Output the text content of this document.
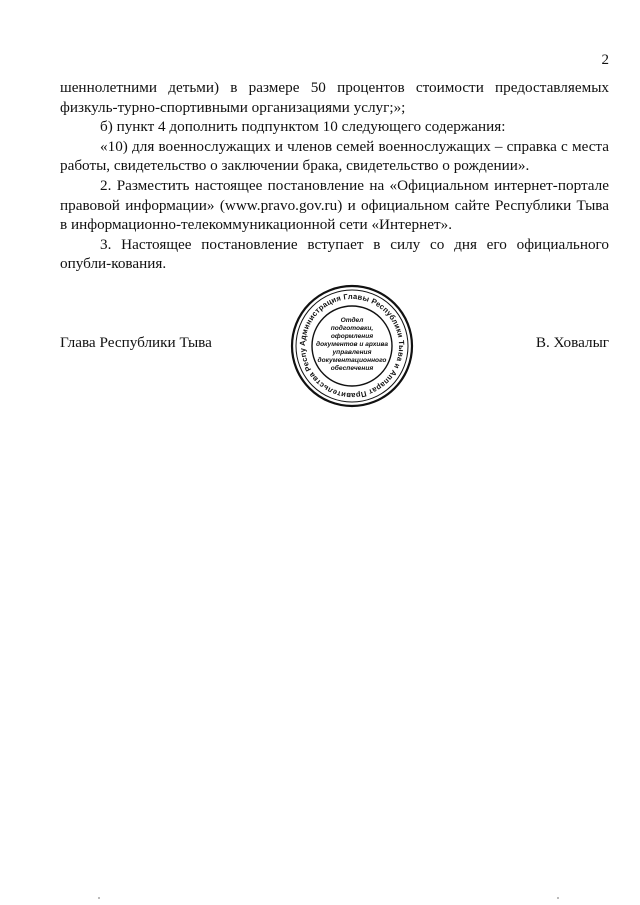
2

шеннолетними детьми) в размере 50 процентов стоимости предоставляемых физкуль-турно-спортивными организациями услуг;»;

б) пункт 4 дополнить подпунктом 10 следующего содержания:

«10) для военнослужащих и членов семей военнослужащих – справка с места работы, свидетельство о заключении брака, свидетельство о рождении».

2. Разместить настоящее постановление на «Официальном интернет-портале правовой информации» (www.pravo.gov.ru) и официальном сайте Республики Тыва в информационно-телекоммуникационной сети «Интернет».

3. Настоящее постановление вступает в силу со дня его официального опубли-кования.

Глава Республики Тыва	В. Ховалыг
Администрация Главы Республики Тыва и Аппарат Правительства Респу
Отдел
подготовки,
оформления
документов и архива
управления
документационного
обеспечения
